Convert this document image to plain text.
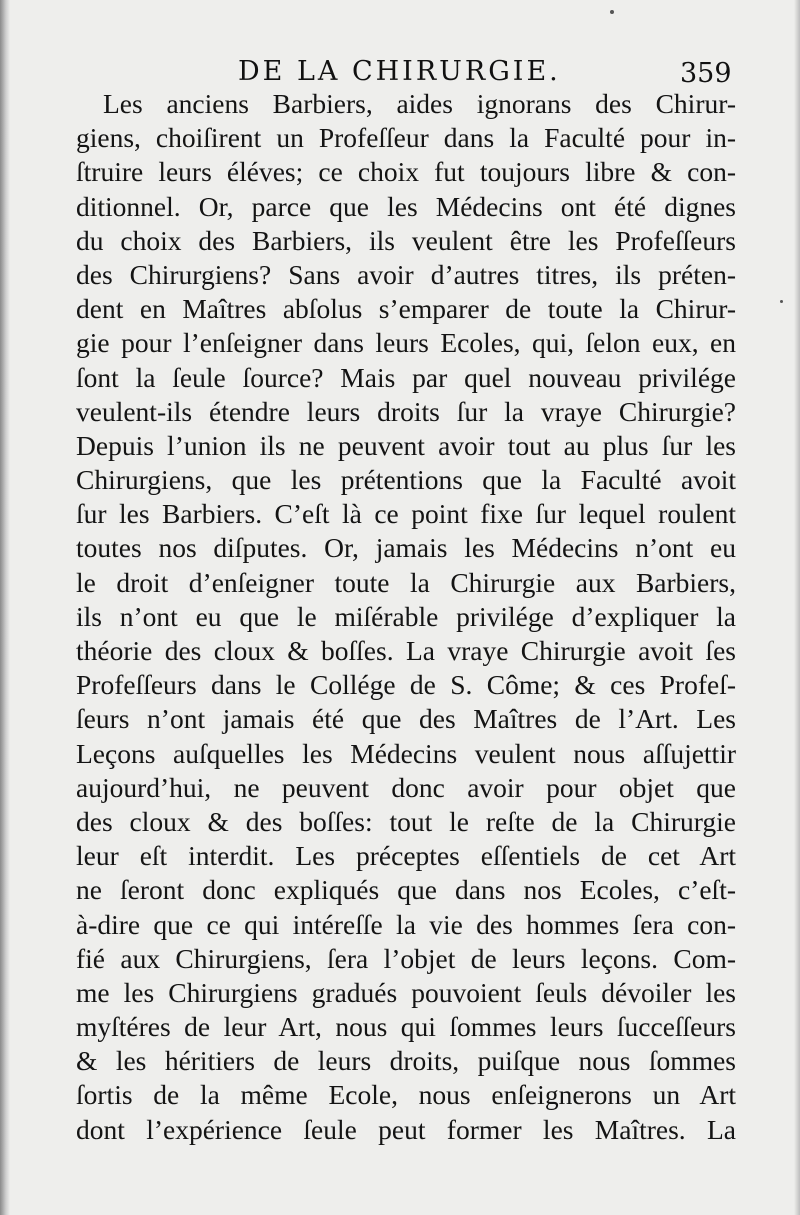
DE LA CHIRURGIE.	359
Les anciens Barbiers, aides ignorans des Chirur-
giens, choiſirent un Profeſſeur dans la Faculté pour in-
ſtruire leurs éléves; ce choix fut toujours libre & con-
ditionnel. Or, parce que les Médecins ont été dignes
du choix des Barbiers, ils veulent être les Profeſſeurs
des Chirurgiens? Sans avoir d’autres titres, ils préten-
dent en Maîtres abſolus s’emparer de toute la Chirur-
gie pour l’enſeigner dans leurs Ecoles, qui, ſelon eux, en
ſont la ſeule ſource? Mais par quel nouveau privilége
veulent-ils étendre leurs droits ſur la vraye Chirurgie?
Depuis l’union ils ne peuvent avoir tout au plus ſur les
Chirurgiens, que les prétentions que la Faculté avoit
ſur les Barbiers. C’eſt là ce point fixe ſur lequel roulent
toutes nos diſputes. Or, jamais les Médecins n’ont eu
le droit d’enſeigner toute la Chirurgie aux Barbiers,
ils n’ont eu que le miſérable privilége d’expliquer la
théorie des cloux & boſſes. La vraye Chirurgie avoit ſes
Profeſſeurs dans le Collége de S. Côme; & ces Profeſ-
ſeurs n’ont jamais été que des Maîtres de l’Art. Les
Leçons auſquelles les Médecins veulent nous aſſujettir
aujourd’hui, ne peuvent donc avoir pour objet que
des cloux & des boſſes: tout le reſte de la Chirurgie
leur eſt interdit. Les préceptes eſſentiels de cet Art
ne ſeront donc expliqués que dans nos Ecoles, c’eſt-
à-dire que ce qui intéreſſe la vie des hommes ſera con-
fié aux Chirurgiens, ſera l’objet de leurs leçons. Com-
me les Chirurgiens gradués pouvoient ſeuls dévoiler les
myſtéres de leur Art, nous qui ſommes leurs ſucceſſeurs
& les héritiers de leurs droits, puiſque nous ſommes
ſortis de la même Ecole, nous enſeignerons un Art
dont l’expérience ſeule peut former les Maîtres. La
